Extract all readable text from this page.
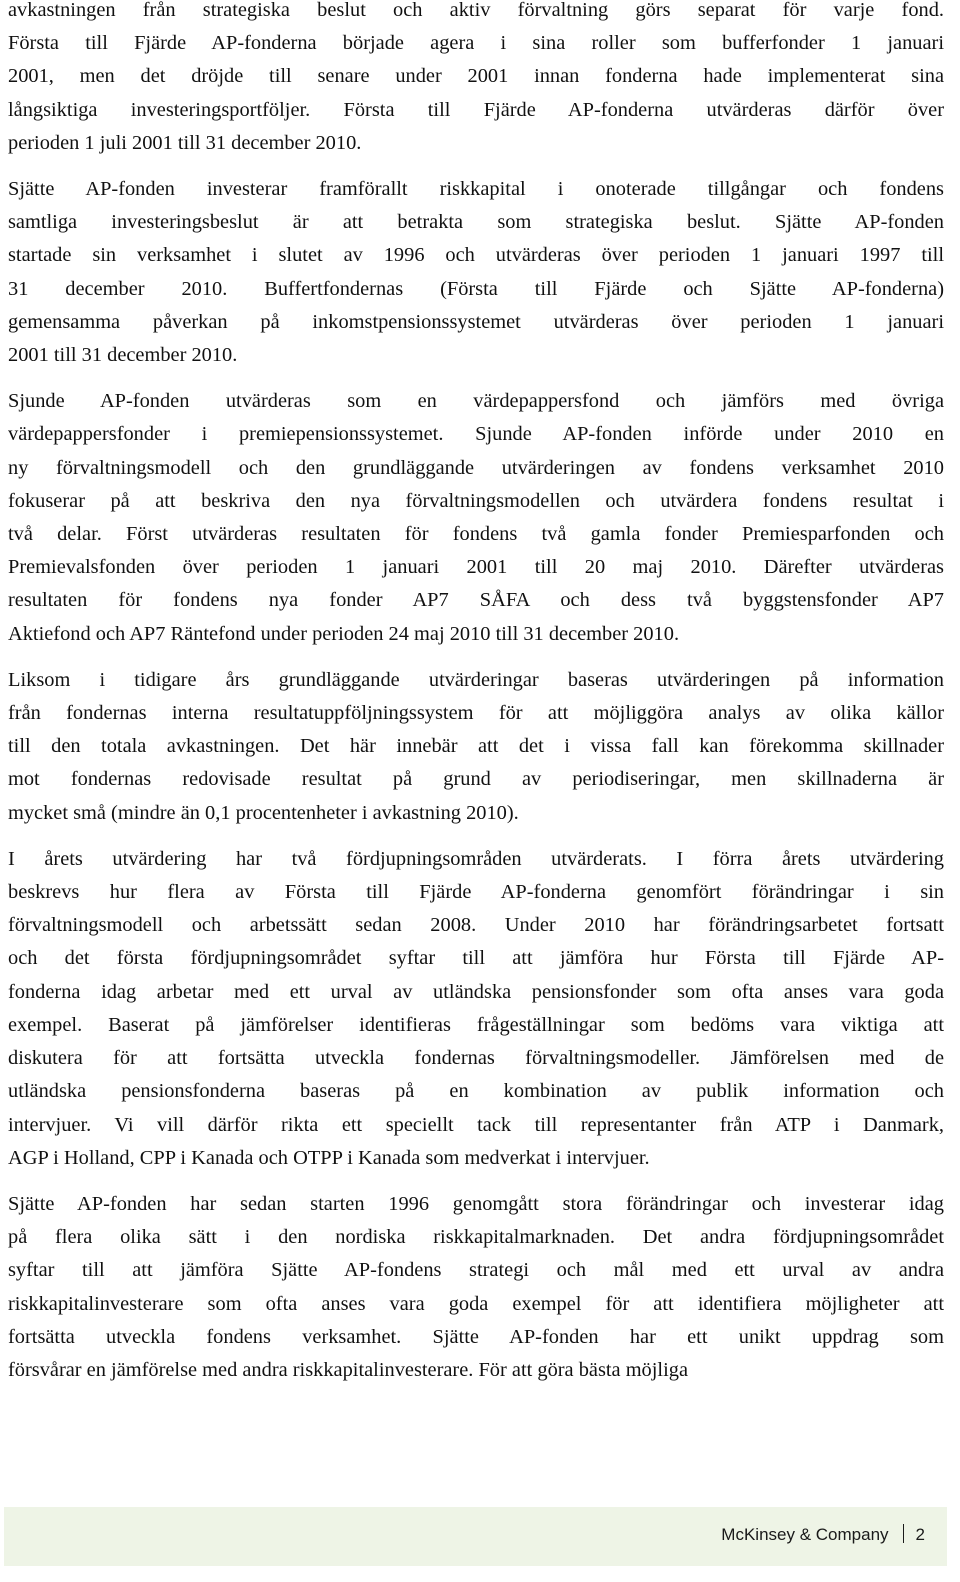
avkastningen från strategiska beslut och aktiv förvaltning görs separat för varje fond.
Första till Fjärde AP-fonderna började agera i sina roller som bufferfonder 1 januari
2001, men det dröjde till senare under 2001 innan fonderna hade implementerat sina
långsiktiga investeringsportföljer. Första till Fjärde AP-fonderna utvärderas därför över
perioden 1 juli 2001 till 31 december 2010.

Sjätte AP-fonden investerar framförallt riskkapital i onoterade tillgångar och fondens
samtliga investeringsbeslut är att betrakta som strategiska beslut. Sjätte AP-fonden
startade sin verksamhet i slutet av 1996 och utvärderas över perioden 1 januari 1997 till
31 december 2010. Buffertfondernas (Första till Fjärde och Sjätte AP-fonderna)
gemensamma påverkan på inkomstpensionssystemet utvärderas över perioden 1 januari
2001 till 31 december 2010.

Sjunde AP-fonden utvärderas som en värdepappersfond och jämförs med övriga
värdepappersfonder i premiepensionssystemet. Sjunde AP-fonden införde under 2010 en
ny förvaltningsmodell och den grundläggande utvärderingen av fondens verksamhet 2010
fokuserar på att beskriva den nya förvaltningsmodellen och utvärdera fondens resultat i
två delar. Först utvärderas resultaten för fondens två gamla fonder Premiesparfonden och
Premievalsfonden över perioden 1 januari 2001 till 20 maj 2010. Därefter utvärderas
resultaten för fondens nya fonder AP7 SÅFA och dess två byggstensfonder AP7
Aktiefond och AP7 Räntefond under perioden 24 maj 2010 till 31 december 2010.

Liksom i tidigare års grundläggande utvärderingar baseras utvärderingen på information
från fondernas interna resultatuppföljningssystem för att möjliggöra analys av olika källor
till den totala avkastningen. Det här innebär att det i vissa fall kan förekomma skillnader
mot fondernas redovisade resultat på grund av periodiseringar, men skillnaderna är
mycket små (mindre än 0,1 procentenheter i avkastning 2010).

I årets utvärdering har två fördjupningsområden utvärderats. I förra årets utvärdering
beskrevs hur flera av Första till Fjärde AP-fonderna genomfört förändringar i sin
förvaltningsmodell och arbetssätt sedan 2008. Under 2010 har förändringsarbetet fortsatt
och det första fördjupningsområdet syftar till att jämföra hur Första till Fjärde AP-
fonderna idag arbetar med ett urval av utländska pensionsfonder som ofta anses vara goda
exempel. Baserat på jämförelser identifieras frågeställningar som bedöms vara viktiga att
diskutera för att fortsätta utveckla fondernas förvaltningsmodeller. Jämförelsen med de
utländska pensionsfonderna baseras på en kombination av publik information och
intervjuer. Vi vill därför rikta ett speciellt tack till representanter från ATP i Danmark,
AGP i Holland, CPP i Kanada och OTPP i Kanada som medverkat i intervjuer.

Sjätte AP-fonden har sedan starten 1996 genomgått stora förändringar och investerar idag
på flera olika sätt i den nordiska riskkapitalmarknaden. Det andra fördjupningsområdet
syftar till att jämföra Sjätte AP-fondens strategi och mål med ett urval av andra
riskkapitalinvesterare som ofta anses vara goda exempel för att identifiera möjligheter att
fortsätta utveckla fondens verksamhet. Sjätte AP-fonden har ett unikt uppdrag som
försvårar en jämförelse med andra riskkapitalinvesterare. För att göra bästa möjliga

McKinsey & Company 2
